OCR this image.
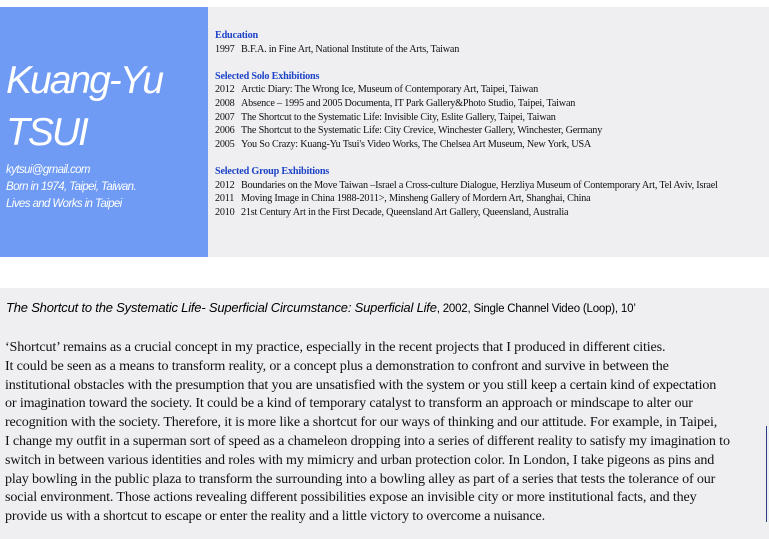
Kuang-Yu
TSUI
kytsui@gmail.com
Born in 1974, Taipei, Taiwan.
Lives and Works in Taipei
Education
1997 B.F.A. in Fine Art, National Institute of the Arts, Taiwan
Selected Solo Exhibitions
2012 Arctic Diary: The Wrong Ice, Museum of Contemporary Art, Taipei, Taiwan
2008 Absence – 1995 and 2005 Documenta, IT Park Gallery&Photo Studio, Taipei, Taiwan
2007 The Shortcut to the Systematic Life: Invisible City, Eslite Gallery, Taipei, Taiwan
2006 The Shortcut to the Systematic Life: City Crevice, Winchester Gallery, Winchester, Germany
2005 You So Crazy: Kuang-Yu Tsui's Video Works, The Chelsea Art Museum, New York, USA
Selected Group Exhibitions
2012 Boundaries on the Move Taiwan –Israel a Cross-culture Dialogue, Herzliya Museum of Contemporary Art, Tel Aviv, Israel
2011 Moving Image in China 1988-2011>, Minsheng Gallery of Mordern Art, Shanghai, China
2010 21st Century Art in the First Decade, Queensland Art Gallery, Queensland, Australia
The Shortcut to the Systematic Life- Superficial Circumstance: Superficial Life, 2002, Single Channel Video (Loop), 10’
‘Shortcut’ remains as a crucial concept in my practice, especially in the recent projects that I produced in different cities.
It could be seen as a means to transform reality, or a concept plus a demonstration to confront and survive in between the
institutional obstacles with the presumption that you are unsatisfied with the system or you still keep a certain kind of expectation
or imagination toward the society. It could be a kind of temporary catalyst to transform an approach or mindscape to alter our
recognition with the society. Therefore, it is more like a shortcut for our ways of thinking and our attitude. For example, in Taipei,
I change my outfit in a superman sort of speed as a chameleon dropping into a series of different reality to satisfy my imagination to
switch in between various identities and roles with my mimicry and urban protection color. In London, I take pigeons as pins and
play bowling in the public plaza to transform the surrounding into a bowling alley as part of a series that tests the tolerance of our
social environment. Those actions revealing different possibilities expose an invisible city or more institutional facts, and they
provide us with a shortcut to escape or enter the reality and a little victory to overcome a nuisance.
